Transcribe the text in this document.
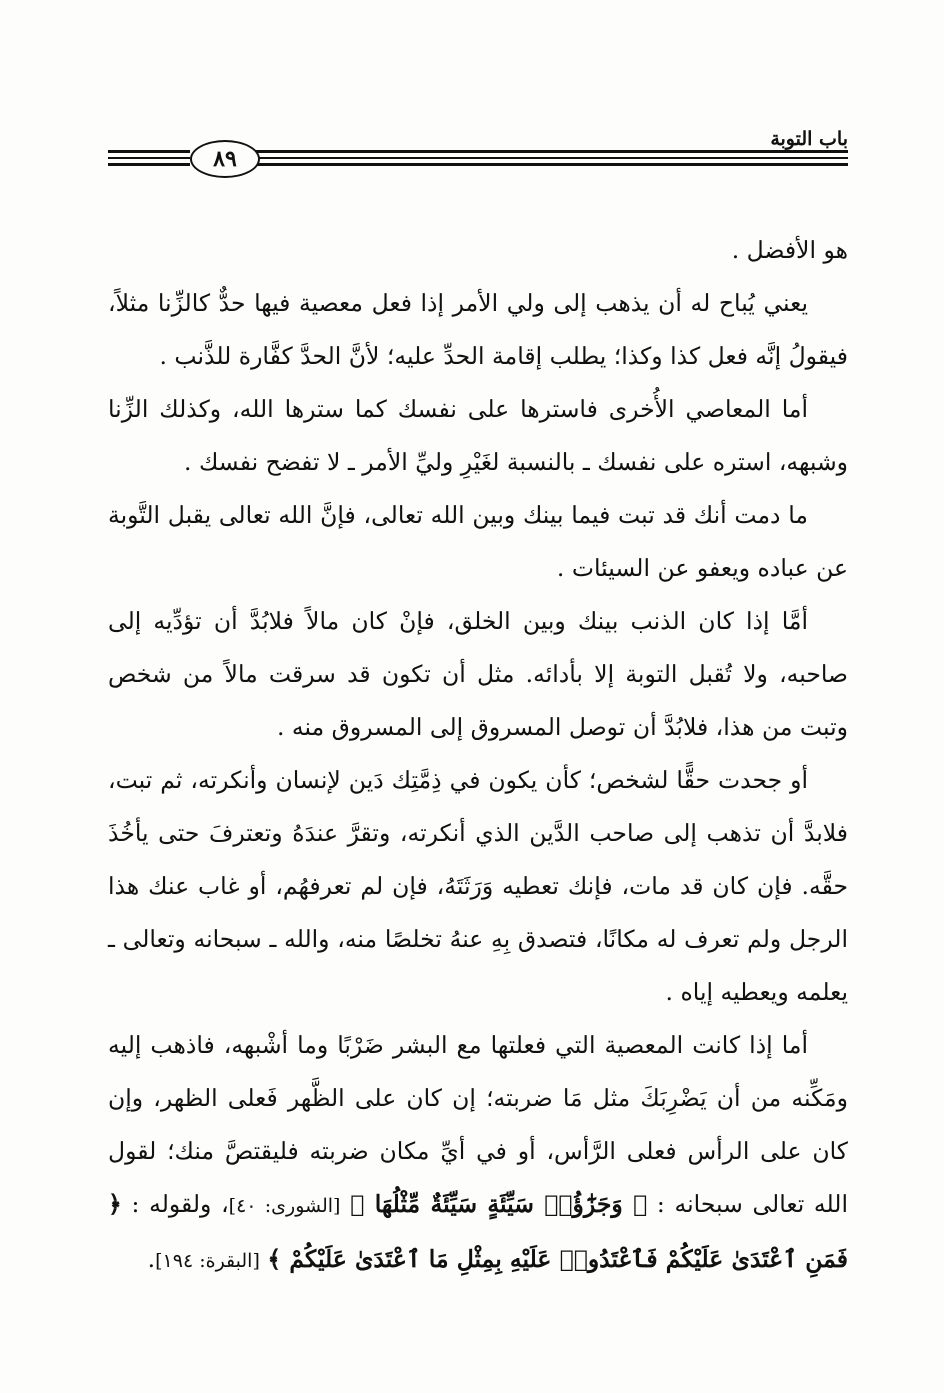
باب التوبة
٨٩

هو الأفضل .

يعني يُباح له أن يذهب إلى ولي الأمر إذا فعل معصية فيها حدٌّ كالزِّنا مثلاً، فيقولُ إنَّه فعل كذا وكذا؛ يطلب إقامة الحدِّ عليه؛ لأنَّ الحدَّ كفَّارة للذَّنب .

أما المعاصي الأُخرى فاسترها على نفسك كما سترها الله، وكذلك الزِّنا وشبهه، استره على نفسك ـ بالنسبة لغَيْرِ وليِّ الأمر ـ لا تفضح نفسك .

ما دمت أنك قد تبت فيما بينك وبين الله تعالى، فإنَّ الله تعالى يقبل التَّوبة عن عباده ويعفو عن السيئات .

أمَّا إذا كان الذنب بينك وبين الخلق، فإنْ كان مالاً فلابُدَّ أن تؤدِّيه إلى صاحبه، ولا تُقبل التوبة إلا بأدائه. مثل أن تكون قد سرقت مالاً من شخص وتبت من هذا، فلابُدَّ أن توصل المسروق إلى المسروق منه .

أو جحدت حقًّا لشخص؛ كأن يكون في ذِمَّتِك دَين لإنسان وأنكرته، ثم تبت، فلابدَّ أن تذهب إلى صاحب الدَّين الذي أنكرته، وتقرَّ عندَهُ وتعترفَ حتى يأخُذَ حقَّه. فإن كان قد مات، فإنك تعطيه وَرَثَتَهُ، فإن لم تعرفهُم، أو غاب عنك هذا الرجل ولم تعرف له مكانًا، فتصدق بِهِ عنهُ تخلصًا منه، والله ـ سبحانه وتعالى ـ يعلمه ويعطيه إياه .

أما إذا كانت المعصية التي فعلتها مع البشر ضَرْبًا وما أشْبهه، فاذهب إليه ومَكِّنه من أن يَضْرِبَكَ مثل مَا ضربته؛ إن كان على الظَّهر فَعلى الظهر، وإن كان على الرأس فعلى الرَّأس، أو في أيِّ مكان ضربته فليقتصَّ منك؛ لقول الله تعالى سبحانه : ﴿ وَجَزَٰٓؤُا۟ سَيِّئَةٍ سَيِّئَةٌ مِّثْلُهَا ﴾ [الشورى: ٤٠]، ولقوله : ﴿ فَمَنِ ٱعْتَدَىٰ عَلَيْكُمْ فَٱعْتَدُوا۟ عَلَيْهِ بِمِثْلِ مَا ٱعْتَدَىٰ عَلَيْكُمْ ﴾ [البقرة: ١٩٤].
